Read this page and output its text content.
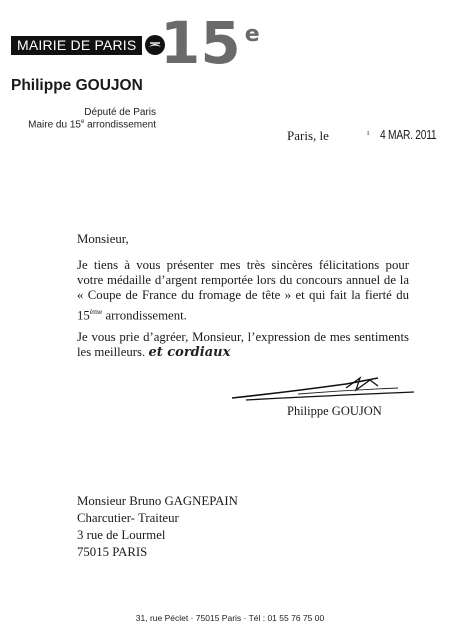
MAIRIE DE PARIS 15 $^e$
Philippe GOUJON
Député de Paris
Maire du 15e arrondissement
Paris, le	ı 4 MAR. 2011
Monsieur,
Je tiens à vous présenter mes très sincères félicitations pour votre médaille d’argent remportée lors du concours annuel de la « Coupe de France du fromage de tête » et qui fait la fierté du 15ème arrondissement.
Je vous prie d’agréer, Monsieur, l’expression de mes sentiments les meilleurs. et cordiaux
Philippe GOUJON
Monsieur Bruno GAGNEPAIN
Charcutier- Traiteur
3 rue de Lourmel
75015 PARIS
31, rue Péclet · 75015 Paris · Tél : 01 55 76 75 00
